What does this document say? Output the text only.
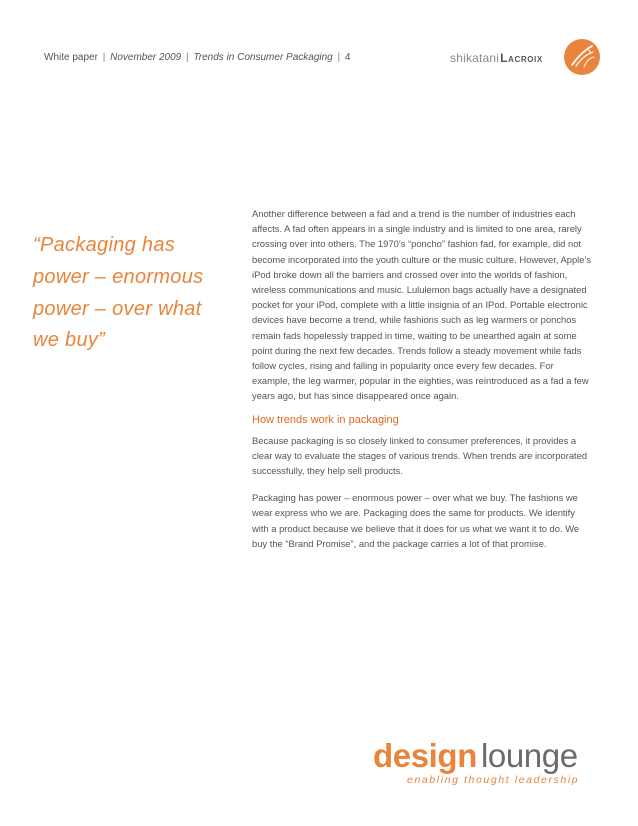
White paper | November 2009 | Trends in Consumer Packaging | 4	shikataniLacroix
“Packaging has power – enormous power – over what we buy”

Another difference between a fad and a trend is the number of industries each affects. A fad often appears in a single industry and is limited to one area, rarely crossing over into others. The 1970’s “poncho” fashion fad, for example, did not become incorporated into the youth culture or the music culture. However, Apple’s iPod broke down all the barriers and crossed over into the worlds of fashion, wireless communications and music. Lululemon bags actually have a designated pocket for your iPod, complete with a little insignia of an IPod. Portable electronic devices have become a trend, while fashions such as leg warmers or ponchos remain fads hopelessly trapped in time, waiting to be unearthed again at some point during the next few decades. Trends follow a steady movement while fads follow cycles, rising and falling in popularity once every few decades. For example, the leg warmer, popular in the eighties, was reintroduced as a fad a few years ago, but has since disappeared once again.

How trends work in packaging

Because packaging is so closely linked to consumer preferences, it provides a clear way to evaluate the stages of various trends. When trends are incorporated successfully, they help sell products.

Packaging has power – enormous power – over what we buy. The fashions we wear express who we are. Packaging does the same for products. We identify with a product because we believe that it does for us what we want it to do. We buy the “Brand Promise”, and the package carries a lot of that promise.

design lounge
enabling thought leadership
